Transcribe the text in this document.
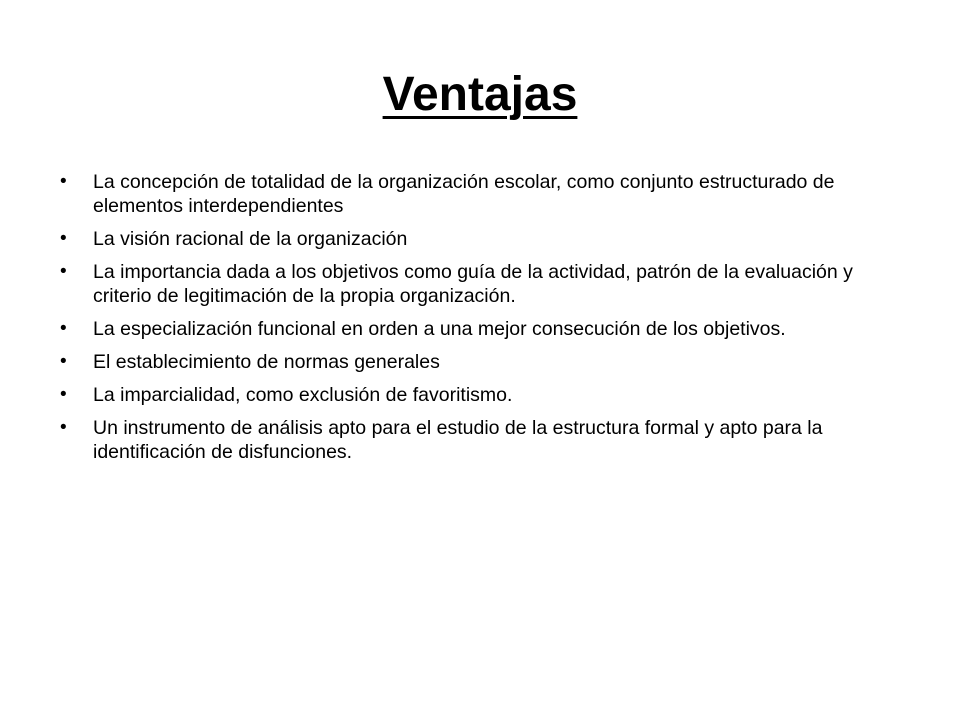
Ventajas
•	La concepción de totalidad de la organización escolar, como conjunto estructurado de elementos interdependientes
•	La visión racional de la organización
•	La importancia dada a los objetivos como guía de la actividad, patrón de la evaluación y criterio de legitimación de la propia organización.
•	La especialización funcional en orden a una mejor consecución de los objetivos.
•	El establecimiento de normas generales
•	La imparcialidad, como exclusión de favoritismo.
•	Un instrumento de análisis apto para el estudio de la estructura formal y apto para la identificación de disfunciones.
